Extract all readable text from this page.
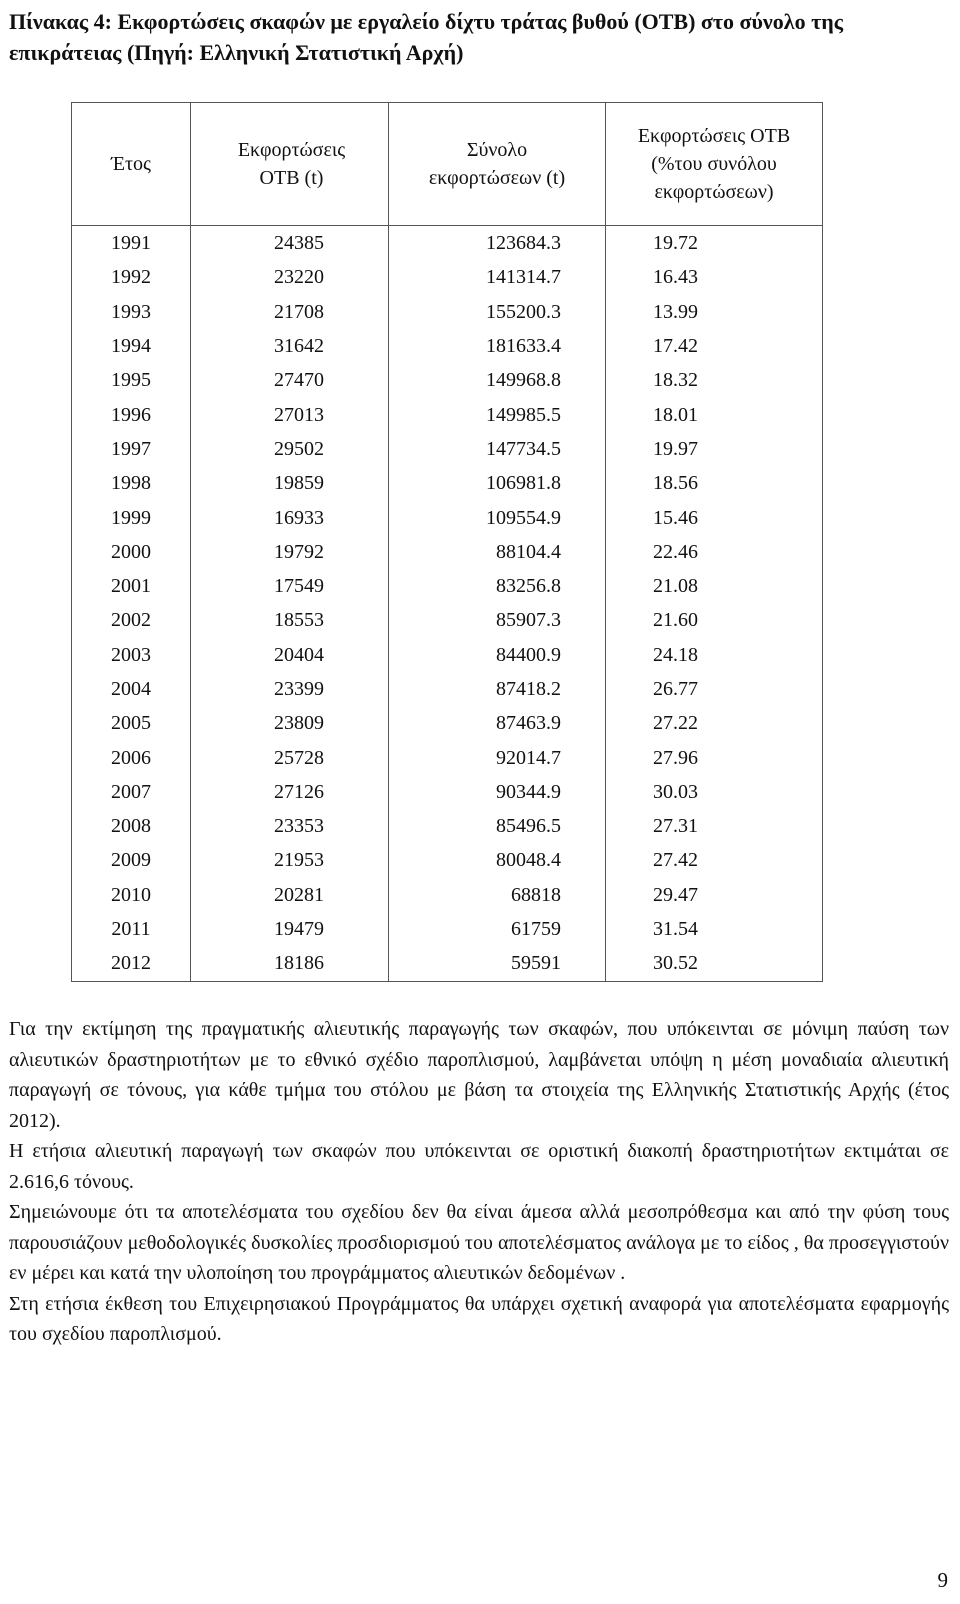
Πίνακας 4: Εκφορτώσεις σκαφών με εργαλείο δίχτυ τράτας βυθού (ΟΤΒ) στο σύνολο της επικράτειας (Πηγή: Ελληνική Στατιστική Αρχή)
Έτος	Εκφορτώσεις ΟΤΒ (t)	Σύνολο εκφορτώσεων (t)	Εκφορτώσεις ΟΤΒ (%του συνόλου εκφορτώσεων)

1991	24385	123684.3	19.72
1992	23220	141314.7	16.43
1993	21708	155200.3	13.99
1994	31642	181633.4	17.42
1995	27470	149968.8	18.32
1996	27013	149985.5	18.01
1997	29502	147734.5	19.97
1998	19859	106981.8	18.56
1999	16933	109554.9	15.46
2000	19792	88104.4	22.46
2001	17549	83256.8	21.08
2002	18553	85907.3	21.60
2003	20404	84400.9	24.18
2004	23399	87418.2	26.77
2005	23809	87463.9	27.22
2006	25728	92014.7	27.96
2007	27126	90344.9	30.03
2008	23353	85496.5	27.31
2009	21953	80048.4	27.42
2010	20281	68818	29.47
2011	19479	61759	31.54
2012	18186	59591	30.52

Για την εκτίμηση της πραγματικής αλιευτικής παραγωγής των σκαφών, που υπόκεινται σε μόνιμη παύση των αλιευτικών δραστηριοτήτων με το εθνικό σχέδιο παροπλισμού, λαμβάνεται υπόψη η μέση μοναδιαία αλιευτική παραγωγή σε τόνους, για κάθε τμήμα του στόλου με βάση τα στοιχεία της Ελληνικής Στατιστικής Αρχής (έτος 2012).

Η ετήσια αλιευτική παραγωγή των σκαφών που υπόκεινται σε οριστική διακοπή δραστηριοτήτων εκτιμάται σε 2.616,6 τόνους.

Σημειώνουμε ότι τα αποτελέσματα του σχεδίου δεν θα είναι άμεσα αλλά μεσοπρόθεσμα και από την φύση τους παρουσιάζουν μεθοδολογικές δυσκολίες προσδιορισμού του αποτελέσματος ανάλογα με το είδος , θα προσεγγιστούν εν μέρει και κατά την υλοποίηση του προγράμματος αλιευτικών δεδομένων .

Στη ετήσια έκθεση του Επιχειρησιακού Προγράμματος θα υπάρχει σχετική αναφορά για αποτελέσματα εφαρμογής του σχεδίου παροπλισμού.

9
